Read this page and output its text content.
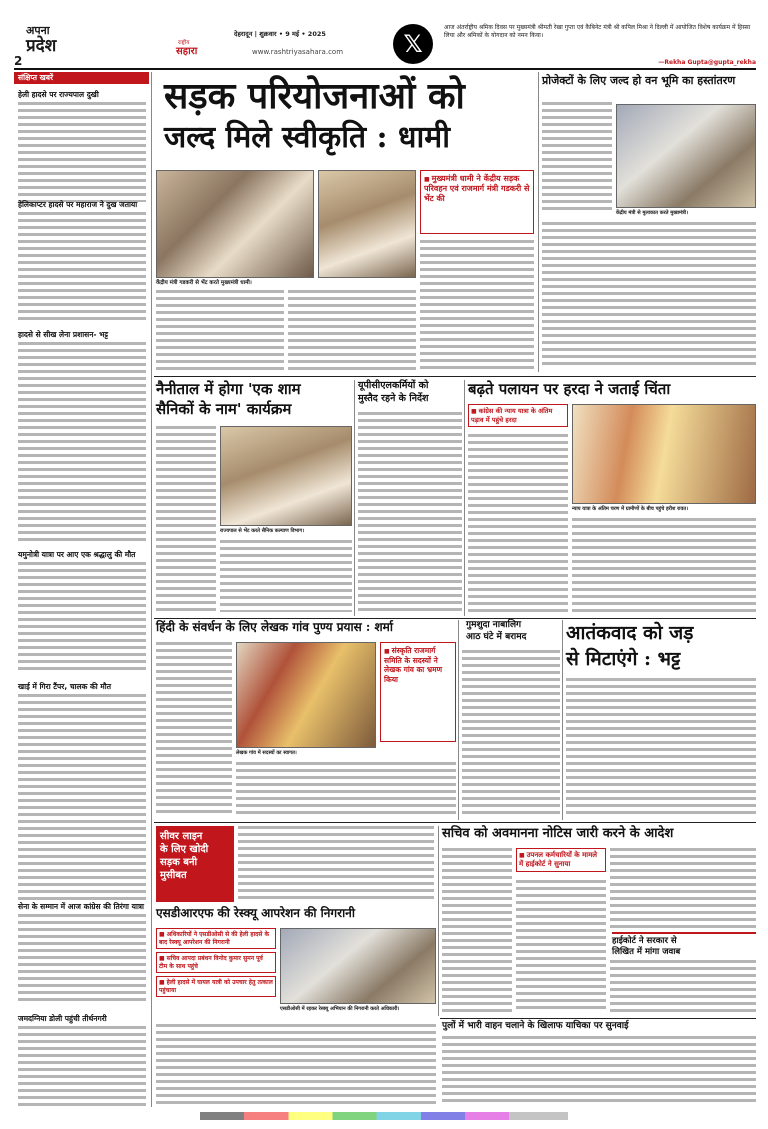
अपना
प्रदेश
2
देहरादून | शुक्रवार • 9 मई • 2025
राष्ट्रीय
सहारा	www.rashtriyasahara.com	𝕏
आज अंतर्राष्ट्रीय श्रमिक दिवस पर मुख्यमंत्री श्रीमती रेखा गुप्ता एवं कैबिनेट मंत्री श्री कपिल मिश्रा ने दिल्ली में आयोजित विशेष कार्यक्रम में हिस्सा लिया और श्रमिकों के योगदान को नमन किया।
—Rekha Gupta@gupta_rekha
संक्षिप्त खबरें
हेली हादसे पर राज्यपाल दुखी
हेलिकाप्टर हादसे पर महाराज ने दुख जताया
हादसे से सीख लेना प्रशासन- भट्ट
यमुनोत्री यात्रा पर आए एक श्रद्धालु की मौत
खाई में गिरा टैंपर, चालक की मौत
सेना के सम्मान में आज कांग्रेस की तिरंगा यात्रा
जमदग्निया डोली पहुंची तीर्थनगरी
सड़क परियोजनाओं को
जल्द मिले स्वीकृति : धामी
केंद्रीय मंत्री गडकरी से भेंट करते मुख्यमंत्री धामी।
■ मुख्यमंत्री धामी ने केंद्रीय सड़क परिवहन एवं राजमार्ग मंत्री गडकरी से भेंट की
प्रोजेक्टों के लिए जल्द हो वन भूमि का हस्तांतरण
केंद्रीय मंत्री से मुलाकात करते मुख्यमंत्री।
नैनीताल में होगा 'एक शाम
सैनिकों के नाम' कार्यक्रम
राज्यपाल से भेंट करते सैनिक कल्याण विभाग।
यूपीसीएलकर्मियों को
मुस्तैद रहने के निर्देश
बढ़ते पलायन पर हरदा ने जताई चिंता
■ कांग्रेस की न्याय यात्रा के अंतिम पड़ाव में पहुंचे हरदा
न्याय यात्रा के अंतिम चरण में ग्रामीणों के बीच पहुंचे हरीश रावत।
हिंदी के संवर्धन के लिए लेखक गांव पुण्य प्रयास : शर्मा
लेखक गांव में सदस्यों का स्वागत।
■ संस्कृति राजमार्ग समिति के सदस्यों ने लेखक गांव का भ्रमण किया
गुमशुदा नाबालिग
आठ घंटे में बरामद आतंकवाद को जड़
से मिटाएंगे : भट्ट
सीवर लाइन
के लिए खोदी
सड़क बनी
मुसीबत
सचिव को अवमानना नोटिस जारी करने के आदेश
■ उपनल कर्मचारियों के मामले में हाईकोर्ट ने सुनाया
हाईकोर्ट ने सरकार से
लिखित में मांगा जवाब
एसडीआरएफ की रेस्क्यू आपरेशन की निगरानी
■ अधिकारियों ने एसडीओसी से की हेली हादसे के बाद रेस्क्यू आपरेशन की निगरानी
■ सचिव आपदा प्रबंधन विनोद कुमार सुमन पूर्व टीम के साथ पहुंचे
■ हेली हादसे में घायल यात्री को उपचार हेतु तत्काल पहुंचाया
एसडीओसी में रहकर रेस्क्यू अभियान की निगरानी करते अधिकारी।
पुलों में भारी वाहन चलाने के खिलाफ याचिका पर सुनवाई
